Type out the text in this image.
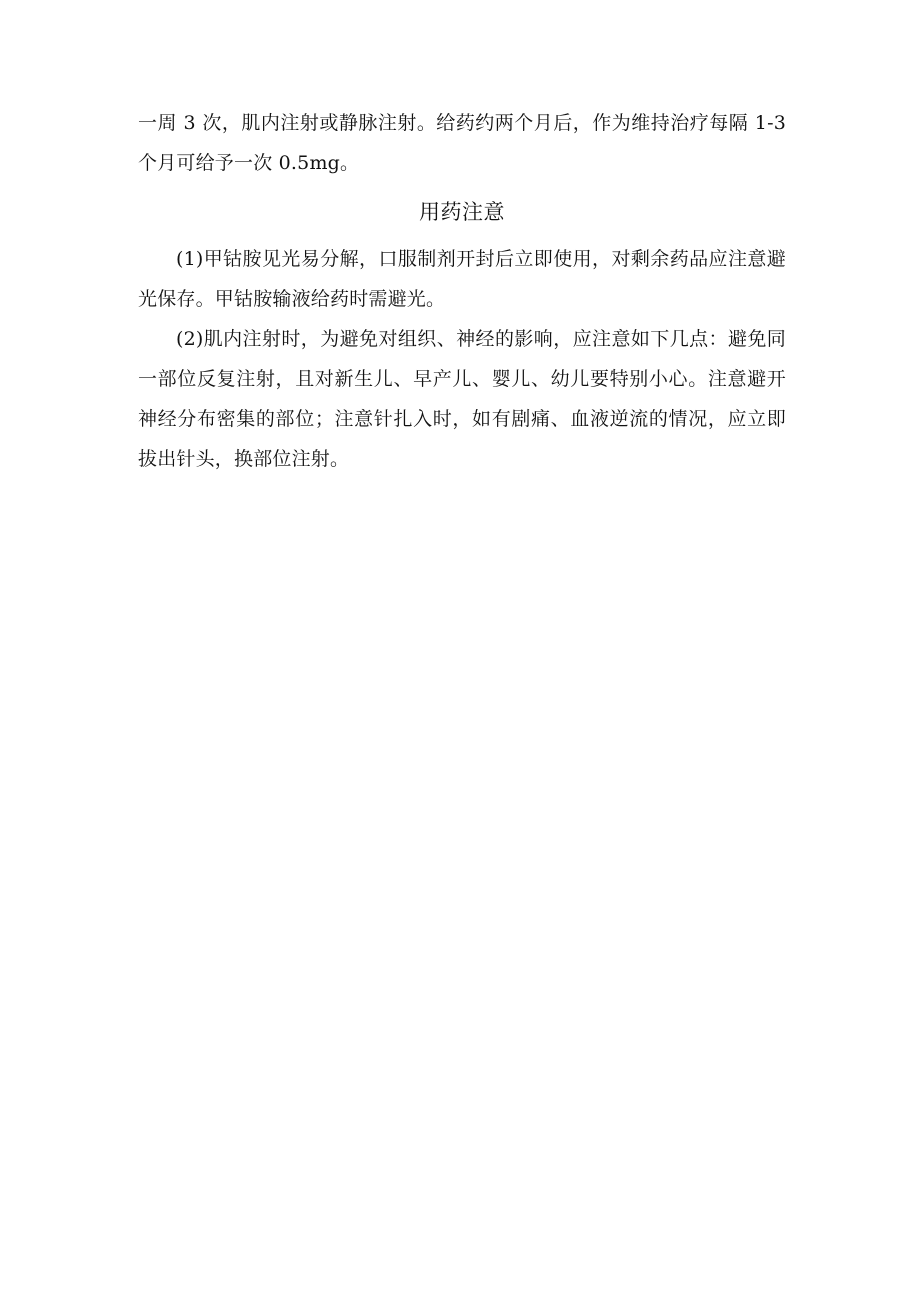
一周 3 次，肌内注射或静脉注射。给药约两个月后，作为维持治疗每隔 1-3 个月可给予一次 0.5mg。

用药注意

(1)甲钴胺见光易分解，口服制剂开封后立即使用，对剩余药品应注意避光保存。甲钴胺输液给药时需避光。

(2)肌内注射时，为避免对组织、神经的影响，应注意如下几点：避免同一部位反复注射，且对新生儿、早产儿、婴儿、幼儿要特别小心。注意避开神经分布密集的部位；注意针扎入时，如有剧痛、血液逆流的情况，应立即拔出针头，换部位注射。
